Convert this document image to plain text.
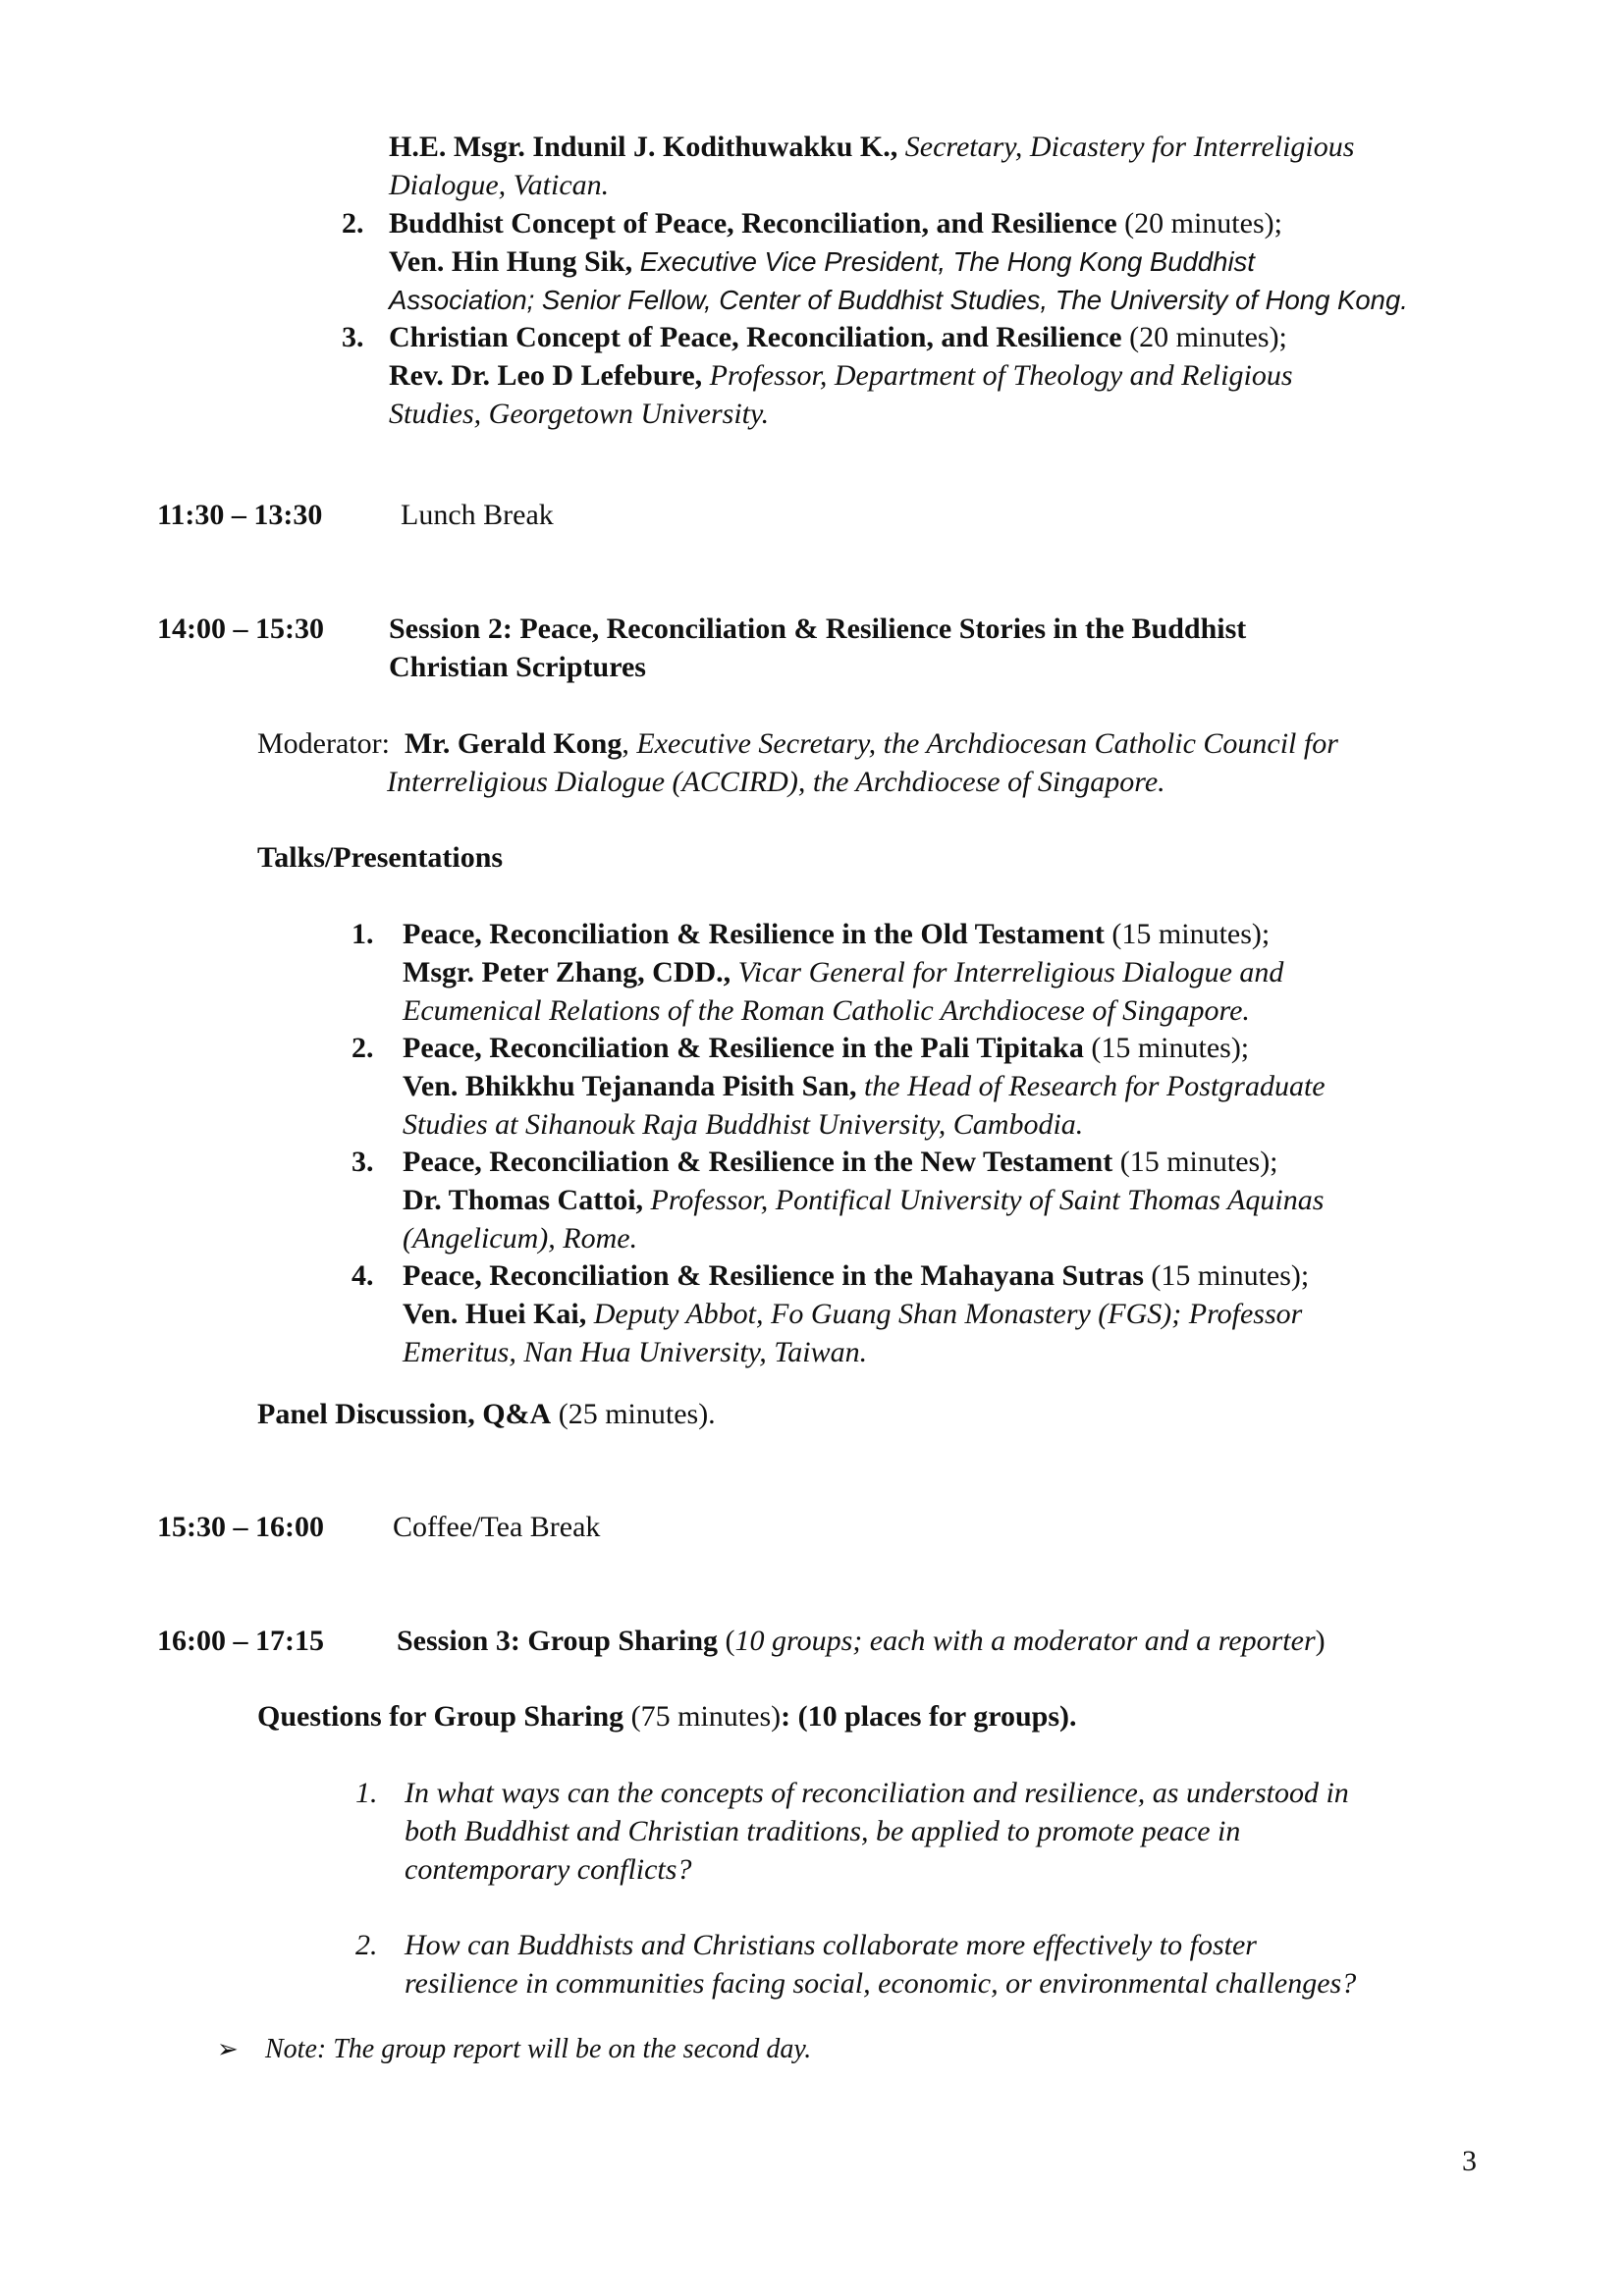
H.E. Msgr. Indunil J. Kodithuwakku K., Secretary, Dicastery for Interreligious
Dialogue, Vatican.
2. Buddhist Concept of Peace, Reconciliation, and Resilience (20 minutes);
Ven. Hin Hung Sik, Executive Vice President, The Hong Kong Buddhist
Association; Senior Fellow, Center of Buddhist Studies, The University of Hong Kong.
3. Christian Concept of Peace, Reconciliation, and Resilience (20 minutes);
Rev. Dr. Leo D Lefebure, Professor, Department of Theology and Religious
Studies, Georgetown University.
11:30 – 13:30	Lunch Break
14:00 – 15:30 Session 2: Peace, Reconciliation & Resilience Stories in the Buddhist
Christian Scriptures
Moderator: Mr. Gerald Kong, Executive Secretary, the Archdiocesan Catholic Council for
Interreligious Dialogue (ACCIRD), the Archdiocese of Singapore.
Talks/Presentations
1. Peace, Reconciliation & Resilience in the Old Testament (15 minutes);
Msgr. Peter Zhang, CDD., Vicar General for Interreligious Dialogue and
Ecumenical Relations of the Roman Catholic Archdiocese of Singapore.
2. Peace, Reconciliation & Resilience in the Pali Tipitaka (15 minutes);
Ven. Bhikkhu Tejananda Pisith San, the Head of Research for Postgraduate
Studies at Sihanouk Raja Buddhist University, Cambodia.
3. Peace, Reconciliation & Resilience in the New Testament (15 minutes);
Dr. Thomas Cattoi, Professor, Pontifical University of Saint Thomas Aquinas
(Angelicum), Rome.
4. Peace, Reconciliation & Resilience in the Mahayana Sutras (15 minutes);
Ven. Huei Kai, Deputy Abbot, Fo Guang Shan Monastery (FGS); Professor
Emeritus, Nan Hua University, Taiwan.
Panel Discussion, Q&A (25 minutes).
15:30 – 16:00 Coffee/Tea Break
16:00 – 17:15 Session 3: Group Sharing (10 groups; each with a moderator and a reporter)
Questions for Group Sharing (75 minutes): (10 places for groups).
1. In what ways can the concepts of reconciliation and resilience, as understood in
both Buddhist and Christian traditions, be applied to promote peace in
contemporary conflicts?
2. How can Buddhists and Christians collaborate more effectively to foster
resilience in communities facing social, economic, or environmental challenges?
➢ Note: The group report will be on the second day.
3
